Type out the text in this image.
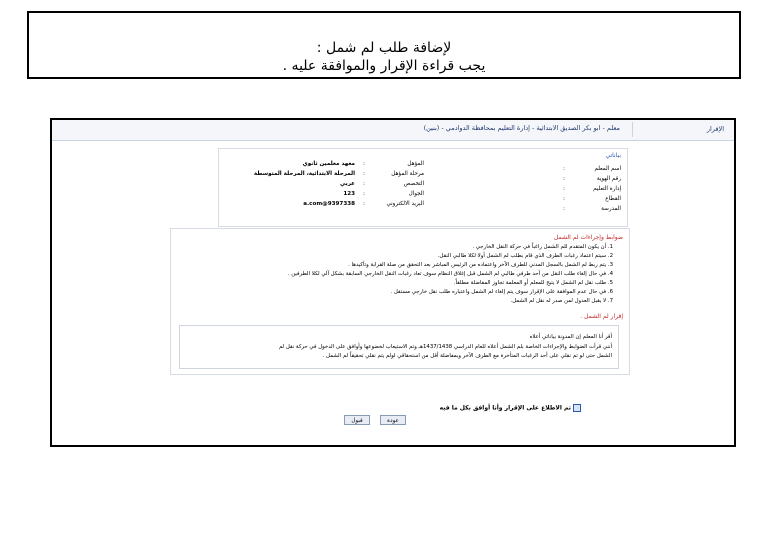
لإضافة طلب لم شمل :
يجب قراءة الإقرار والموافقة عليه .
معلم - ابو بكر الصديق الابتدائية - إدارة التعليم بمحافظة الدوادمي - (بنين)	الإقرار
بياناتي
اسم المعلم
رقم الهوية
إدارة التعليم
القطاع
المدرسة
:
:
:
:
:
المؤهل
مرحلة المؤهل
التخصص
الجوال
البريد الالكتروني
:
:
:
:
:
معهد معلمين ثانوي
المرحلة الابتدائية، المرحلة المتوسطة
عربي
123
a.com@9397338
ضوابط وإجراءات لم الشمل
1. أن يكون المتقدم للم الشمل راغباً في حركة النقل الخارجي .
2. سيتم اعتماد رغبات الطرف الذي قام بطلب لم الشمل أولا لكلا طالبي النقل.
3. يتم ربط لم الشمل بالسجل المدني للطرف الآخر واعتماده من الرئيس المباشر بعد التحقق من صلة القرابة وتأكيدها .
4. في حال إلغاء طلب النقل من أحد طرفي طالبي لم الشمل قبل إغلاق النظام سوف تعاد رغبات النقل الخارجي السابقة بشكل آلي لكلا الطرفين .
5. طلب نقل لم الشمل لا يتيح للمعلم أو المعلمة تجاوز المفاضلة مطلقاً.
6. في حال عدم الموافقة على الإقرار سوف يتم إلغاء لم الشمل واعتباره طلب نقل خارجي مستقل .
7. لا يقبل العدول لمن صدر له نقل لم الشمل.
إقرار لم الشمل .
أقر أنا المعلم إن المدونة بياناتي أعلاه
أنني قرأت الضوابط والإجراءات الخاصة بلم الشمل أعلاه للعام الدراسي 1437/1438هـ وتم الاستيعاب لخضوعها وأوافق على الدخول في حركة نقل لم
الشمل حتى لو تم نقلي على أحد الرغبات المتأخرة مع الطرف الآخر وبمفاضلة أقل من استحقاقي لولم يتم نقلي تحقيقاً لم الشمل .
تم الاطلاع على الإقرار وأنا أوافق بكل ما فيه
عودة
قبول
